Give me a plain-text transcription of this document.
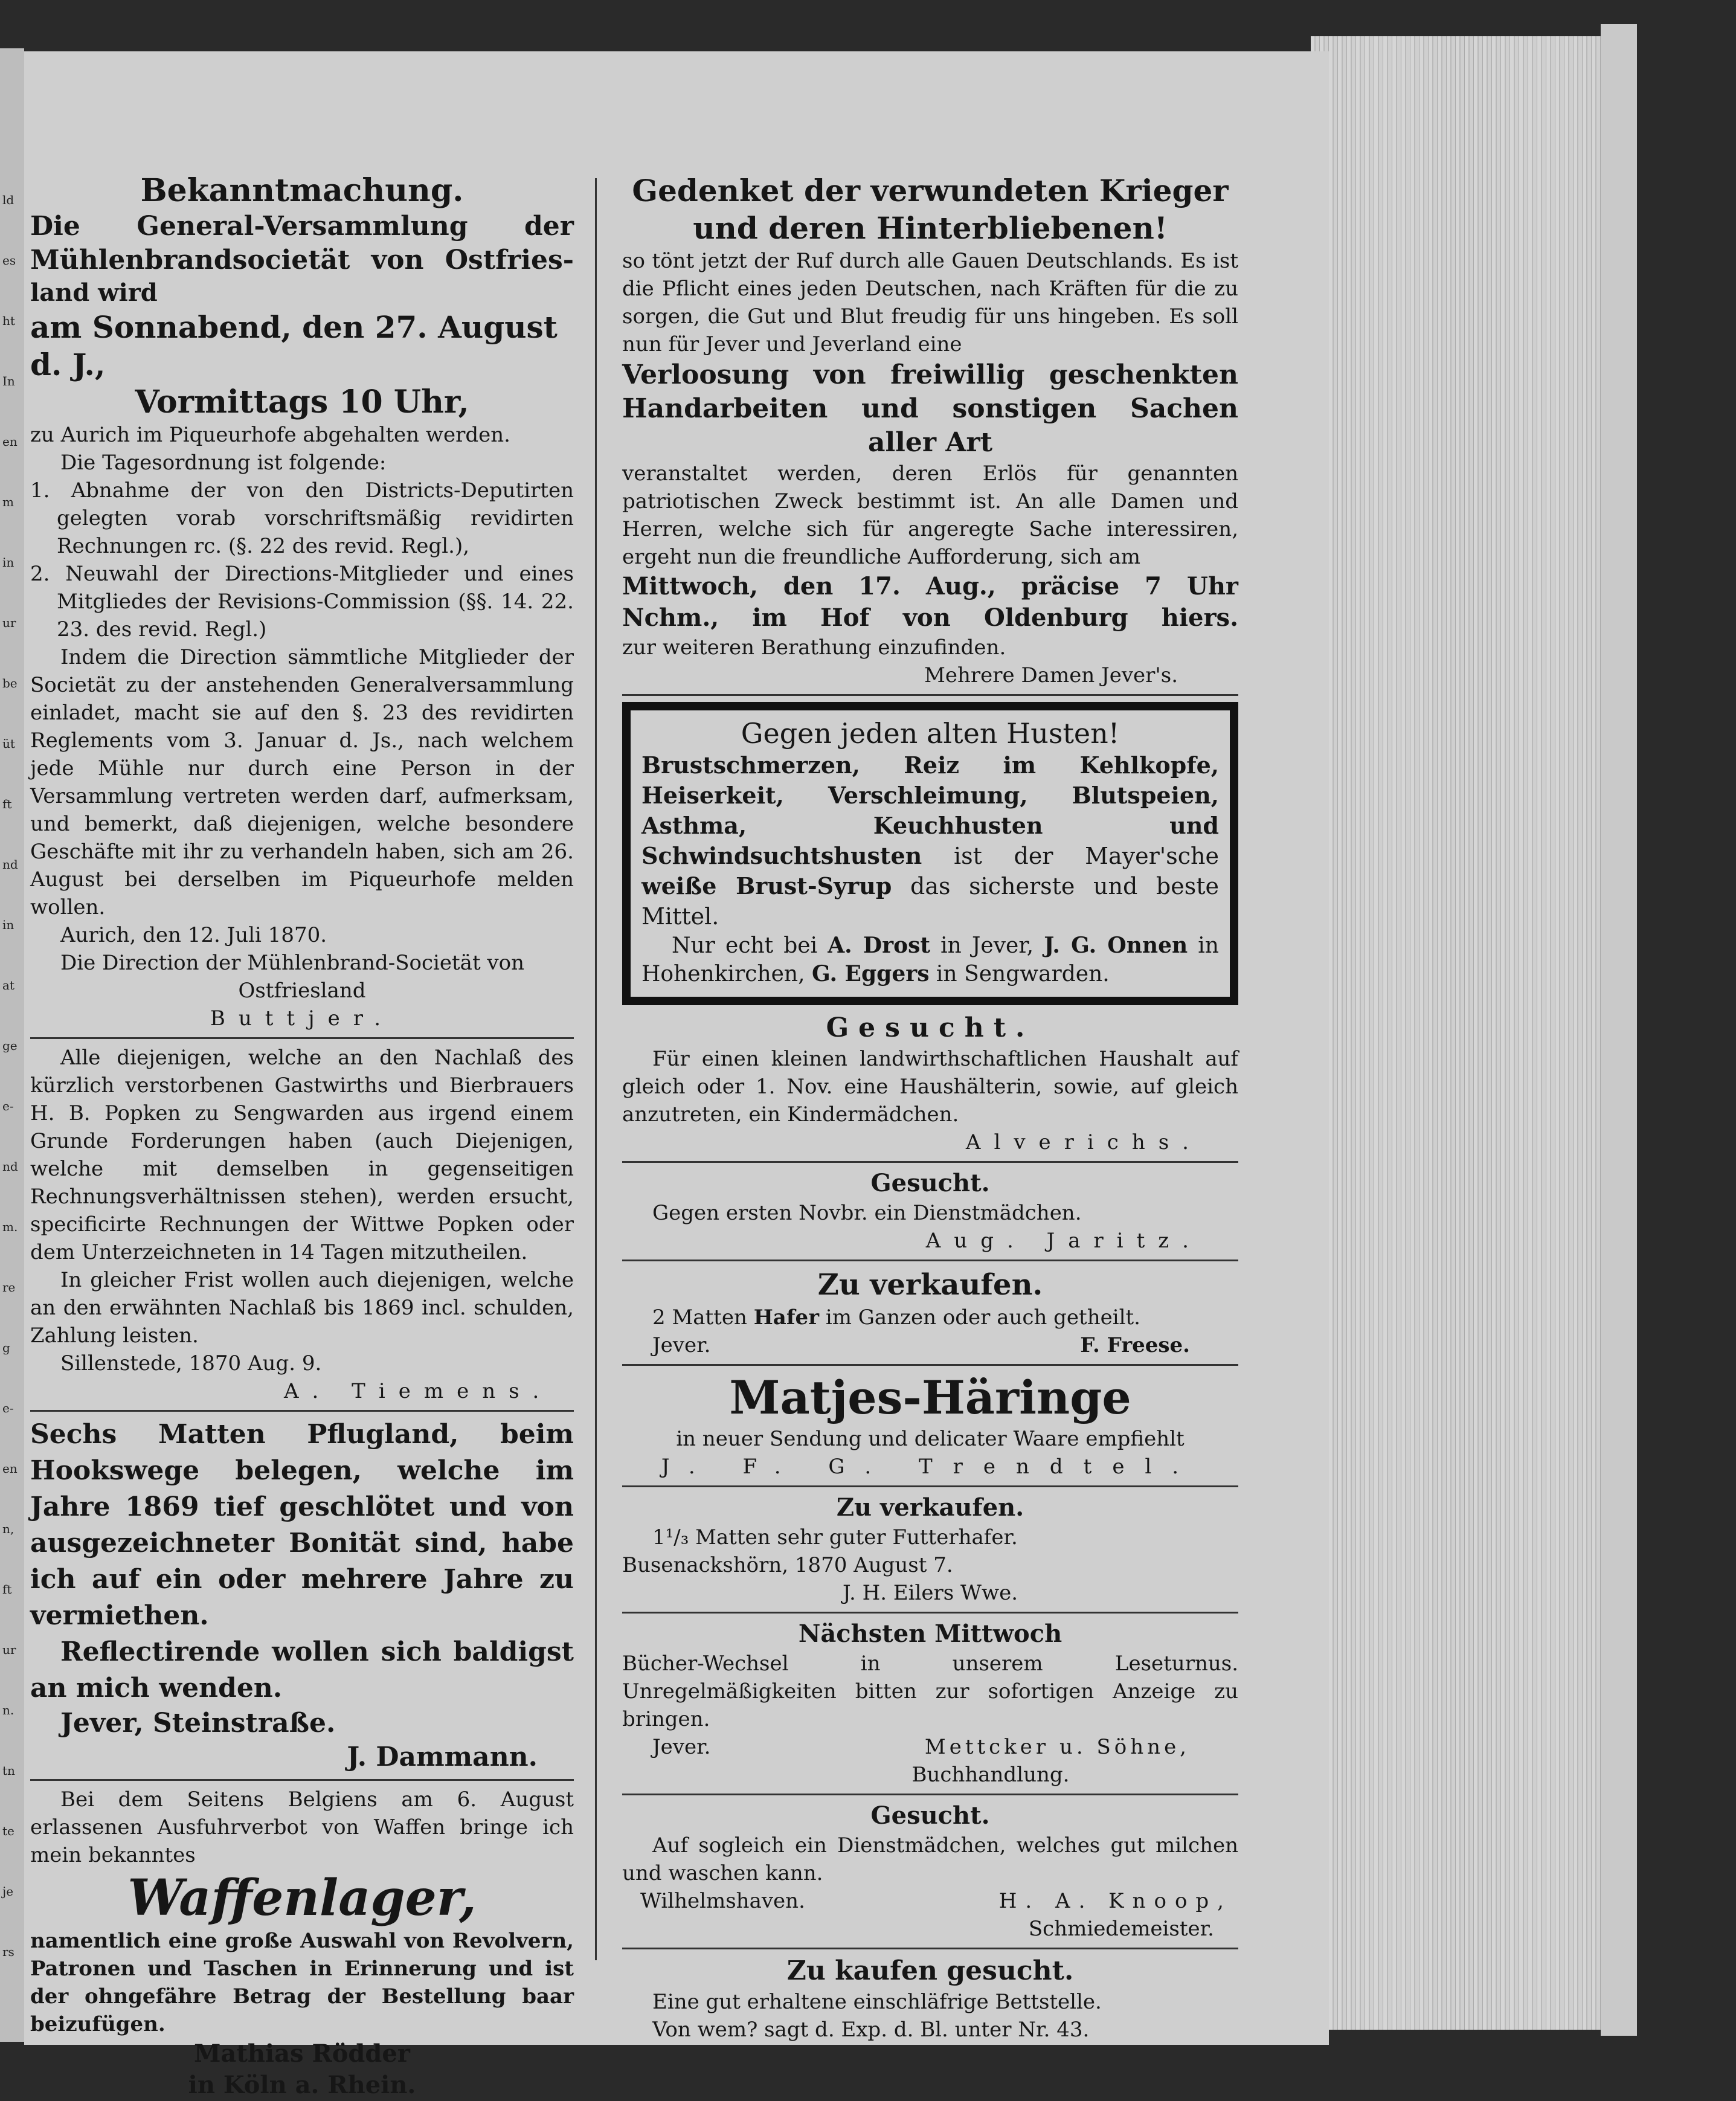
ld
es
ht
In
en
m
in
ur
be
üt
ft
nd
in
at
ge
e-
nd
m.
re
g
e-
en
n,
ft
ur
n.
tn
te
je
rs

Bekanntmachung.

Die General-Versammlung der

Mühlenbrandsocietät von Ostfries-

land wird

am Sonnabend, den 27. August d. J.,

Vormittags 10 Uhr,

zu Aurich im Piqueurhofe abgehalten werden.

Die Tagesordnung ist folgende:

1. Abnahme der von den Districts-Deputirten gelegten vorab vorschriftsmäßig revidirten Rechnungen rc. (§. 22 des revid. Regl.),

2. Neuwahl der Directions-Mitglieder und eines Mitgliedes der Revisions-Commission (§§. 14. 22. 23. des revid. Regl.)

Indem die Direction sämmtliche Mitglieder der Societät zu der anstehenden Generalversammlung einladet, macht sie auf den §. 23 des revidirten Reglements vom 3. Januar d. Js., nach welchem jede Mühle nur durch eine Person in der Versammlung vertreten werden darf, aufmerksam, und bemerkt, daß diejenigen, welche besondere Geschäfte mit ihr zu verhandeln haben, sich am 26. August bei derselben im Piqueurhofe melden wollen.

Aurich, den 12. Juli 1870.

Die Direction der Mühlenbrand-Societät von

Ostfriesland

Buttjer.

Alle diejenigen, welche an den Nachlaß des kürzlich verstorbenen Gastwirths und Bierbrauers H. B. Popken zu Sengwarden aus irgend einem Grunde Forderungen haben (auch Diejenigen, welche mit demselben in gegenseitigen Rechnungsverhältnissen stehen), werden ersucht, specificirte Rechnungen der Wittwe Popken oder dem Unterzeichneten in 14 Tagen mitzutheilen.

In gleicher Frist wollen auch diejenigen, welche an den erwähnten Nachlaß bis 1869 incl. schulden, Zahlung leisten.

Sillenstede, 1870 Aug. 9.

A. Tiemens.

Sechs Matten Pflugland, beim Hookswege belegen, welche im Jahre 1869 tief geschlötet und von ausgezeichneter Bonität sind, habe ich auf ein oder mehrere Jahre zu vermiethen.

Reflectirende wollen sich baldigst an mich wenden.

Jever, Steinstraße.

J. Dammann.

Bei dem Seitens Belgiens am 6. August erlassenen Ausfuhrverbot von Waffen bringe ich mein bekanntes

Waffenlager,

namentlich eine große Auswahl von Revolvern, Patronen und Taschen in Erinnerung und ist der ohngefähre Betrag der Bestellung baar beizufügen.

Mathias Rödder

in Köln a. Rhein.

Gedenket der verwundeten Krieger

und deren Hinterbliebenen!

so tönt jetzt der Ruf durch alle Gauen Deutschlands. Es ist die Pflicht eines jeden Deutschen, nach Kräften für die zu sorgen, die Gut und Blut freudig für uns hingeben. Es soll nun für Jever und Jeverland eine

Verloosung von freiwillig geschenkten

Handarbeiten und sonstigen Sachen

aller Art

veranstaltet werden, deren Erlös für genannten patriotischen Zweck bestimmt ist. An alle Damen und Herren, welche sich für angeregte Sache interessiren, ergeht nun die freundliche Aufforderung, sich am

Mittwoch, den 17. Aug., präcise 7 Uhr

Nchm., im Hof von Oldenburg hiers.

zur weiteren Berathung einzufinden.

Mehrere Damen Jever's.

Gegen jeden alten Husten!

Brustschmerzen, Reiz im Kehlkopfe, Heiserkeit, Verschleimung, Blutspeien, Asthma, Keuchhusten und Schwindsuchtshusten ist der Mayer'sche weiße Brust-Syrup das sicherste und beste Mittel.

Nur echt bei A. Drost in Jever, J. G. Onnen in Hohenkirchen, G. Eggers in Sengwarden.

Gesucht.

Für einen kleinen landwirthschaftlichen Haushalt auf gleich oder 1. Nov. eine Haushälterin, sowie, auf gleich anzutreten, ein Kindermädchen.

Alverichs.

Gesucht.

Gegen ersten Novbr. ein Dienstmädchen.

Aug. Jaritz.

Zu verkaufen.

2 Matten Hafer im Ganzen oder auch getheilt.

Jever.	F. Freese.

Matjes-Häringe

in neuer Sendung und delicater Waare empfiehlt

J. F. G. Trendtel.

Zu verkaufen.

1¹/₃ Matten sehr guter Futterhafer.

Busenackshörn, 1870 August 7.

J. H. Eilers Wwe.

Nächsten Mittwoch

Bücher-Wechsel in unserem Leseturnus. Unregelmäßigkeiten bitten zur sofortigen Anzeige zu bringen.

Jever.	Mettcker u. Söhne,

Buchhandlung.

Gesucht.

Auf sogleich ein Dienstmädchen, welches gut milchen und waschen kann.

Wilhelmshaven.	H. A. Knoop,

Schmiedemeister.

Zu kaufen gesucht.

Eine gut erhaltene einschläfrige Bettstelle.

Von wem? sagt d. Exp. d. Bl. unter Nr. 43.
